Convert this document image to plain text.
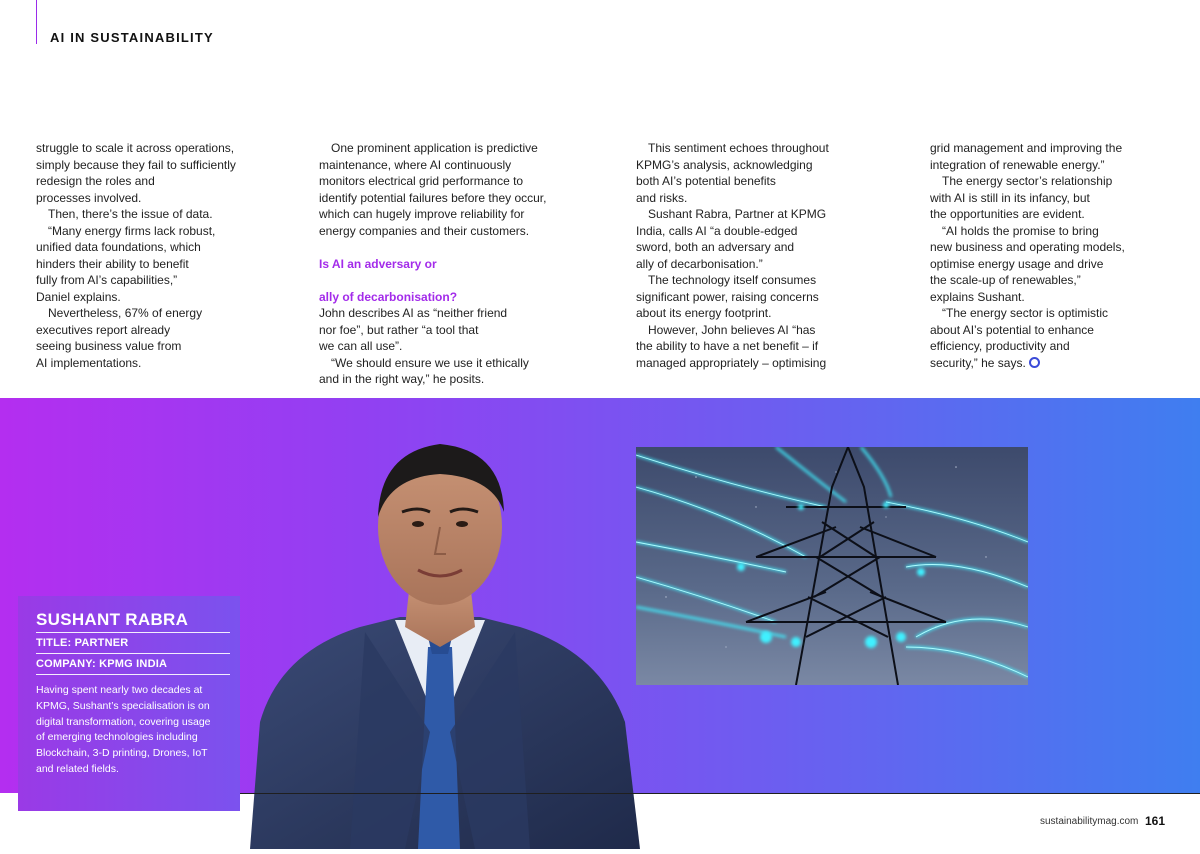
AI IN SUSTAINABILITY
struggle to scale it across operations,
simply because they fail to sufficiently
redesign the roles and
processes involved.
Then, there’s the issue of data.
“Many energy firms lack robust,
unified data foundations, which
hinders their ability to benefit
fully from AI’s capabilities,”
Daniel explains.
Nevertheless, 67% of energy
executives report already
seeing business value from
AI implementations.
One prominent application is predictive
maintenance, where AI continuously
monitors electrical grid performance to
identify potential failures before they occur,
which can hugely improve reliability for
energy companies and their customers.
Is AI an adversary or
ally of decarbonisation?
John describes AI as “neither friend
nor foe”, but rather “a tool that
we can all use”.
“We should ensure we use it ethically
and in the right way,” he posits.
This sentiment echoes throughout
KPMG’s analysis, acknowledging
both AI’s potential benefits
and risks.
Sushant Rabra, Partner at KPMG
India, calls AI “a double-edged
sword, both an adversary and
ally of decarbonisation.”
The technology itself consumes
significant power, raising concerns
about its energy footprint.
However, John believes AI “has
the ability to have a net benefit – if
managed appropriately – optimising
grid management and improving the
integration of renewable energy.”
The energy sector’s relationship
with AI is still in its infancy, but
the opportunities are evident.
“AI holds the promise to bring
new business and operating models,
optimise energy usage and drive
the scale-up of renewables,”
explains Sushant.
“The energy sector is optimistic
about AI’s potential to enhance
efficiency, productivity and
security,” he says.
SUSHANT RABRA
TITLE: PARTNER
COMPANY: KPMG INDIA
Having spent nearly two decades at KPMG, Sushant’s specialisation is on digital transformation, covering usage of emerging technologies including Blockchain, 3-D printing, Drones, IoT and related fields.
sustainabilitymag.com 161
